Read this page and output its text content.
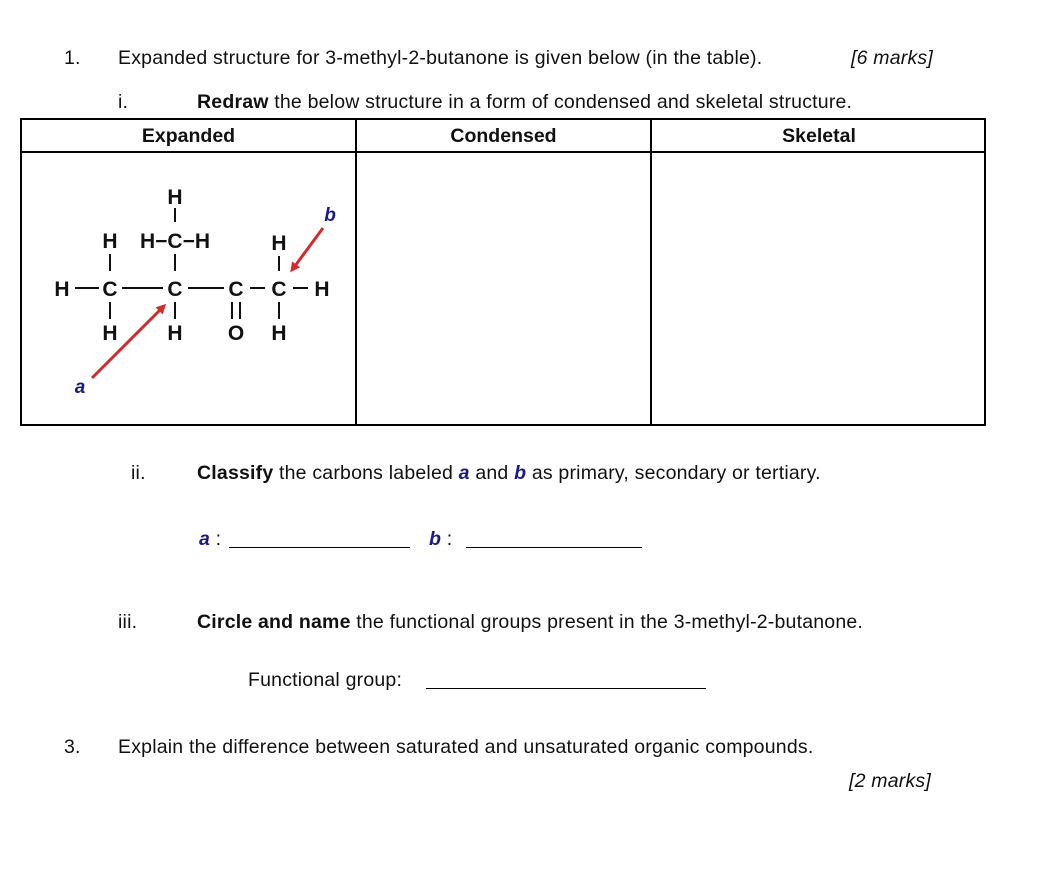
1. Expanded structure for 3-methyl-2-butanone is given below (in the table).	[6 marks]
i.	Redraw the below structure in a form of condensed and skeletal structure.
Expanded	Condensed	Skeletal
H
H H−C−H	H
H C C C C H
H H O H
a
b
ii.	Classify the carbons labeled a and b as primary, secondary or tertiary.
a :	b :
iii.	Circle and name the functional groups present in the 3-methyl-2-butanone.
Functional group:
3. Explain the difference between saturated and unsaturated organic compounds.
[2 marks]
